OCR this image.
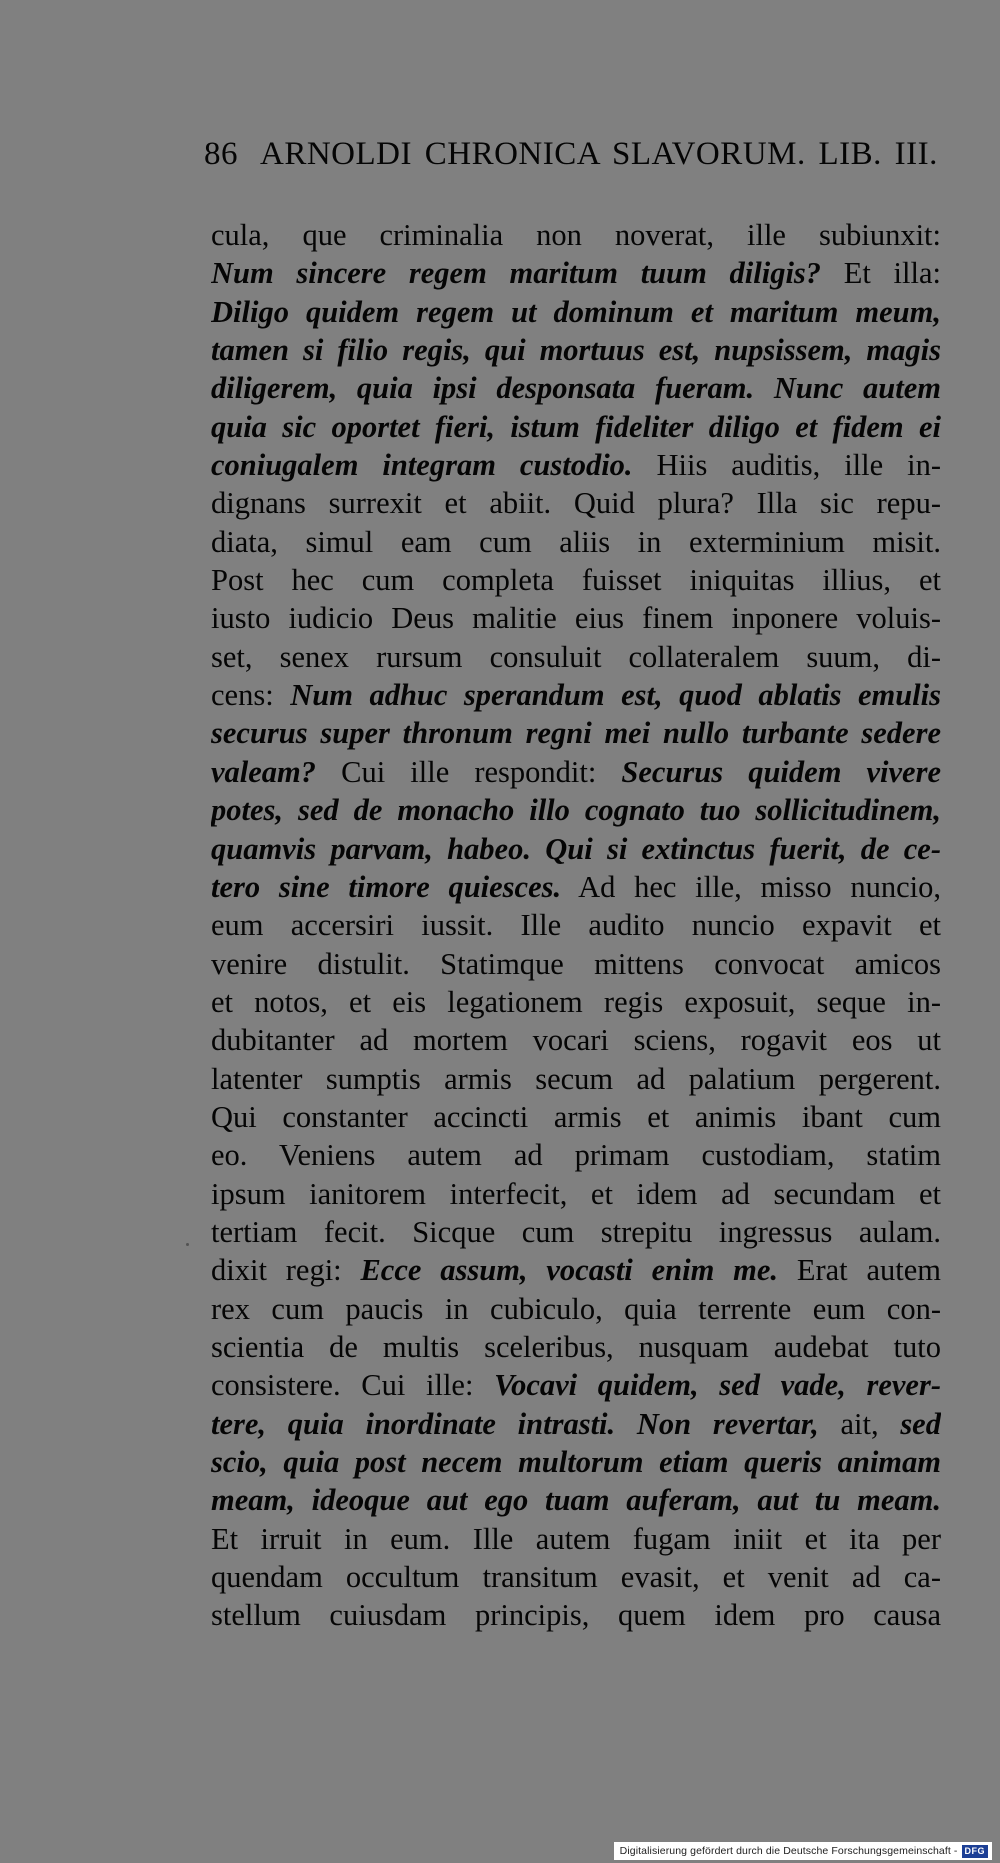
86 ARNOLDI CHRONICA SLAVORUM. LIB. III.
cula, que criminalia non noverat, ille subiunxit:
Num sincere regem maritum tuum diligis? Et illa:
Diligo quidem regem ut dominum et maritum meum,
tamen si filio regis, qui mortuus est, nupsissem, magis
diligerem, quia ipsi desponsata fueram. Nunc autem
quia sic oportet fieri, istum fideliter diligo et fidem ei
coniugalem integram custodio. Hiis auditis, ille in-
dignans surrexit et abiit. Quid plura? Illa sic repu-
diata, simul eam cum aliis in exterminium misit.
Post hec cum completa fuisset iniquitas illius, et
iusto iudicio Deus malitie eius finem inponere voluis-
set, senex rursum consuluit collateralem suum, di-
cens: Num adhuc sperandum est, quod ablatis emulis
securus super thronum regni mei nullo turbante sedere
valeam? Cui ille respondit: Securus quidem vivere
potes, sed de monacho illo cognato tuo sollicitudinem,
quamvis parvam, habeo. Qui si extinctus fuerit, de ce-
tero sine timore quiesces. Ad hec ille, misso nuncio,
eum accersiri iussit. Ille audito nuncio expavit et
venire distulit. Statimque mittens convocat amicos
et notos, et eis legationem regis exposuit, seque in-
dubitanter ad mortem vocari sciens, rogavit eos ut
latenter sumptis armis secum ad palatium pergerent.
Qui constanter accincti armis et animis ibant cum
eo. Veniens autem ad primam custodiam, statim
ipsum ianitorem interfecit, et idem ad secundam et
tertiam fecit. Sicque cum strepitu ingressus aulam.
dixit regi: Ecce assum, vocasti enim me. Erat autem
rex cum paucis in cubiculo, quia terrente eum con-
scientia de multis sceleribus, nusquam audebat tuto
consistere. Cui ille: Vocavi quidem, sed vade, rever-
tere, quia inordinate intrasti. Non revertar, ait, sed
scio, quia post necem multorum etiam queris animam
meam, ideoque aut ego tuam auferam, aut tu meam.
Et irruit in eum. Ille autem fugam iniit et ita per
quendam occultum transitum evasit, et venit ad ca-
stellum cuiusdam principis, quem idem pro causa
Digitalisierung gefördert durch die Deutsche Forschungsgemeinschaft - DFG
